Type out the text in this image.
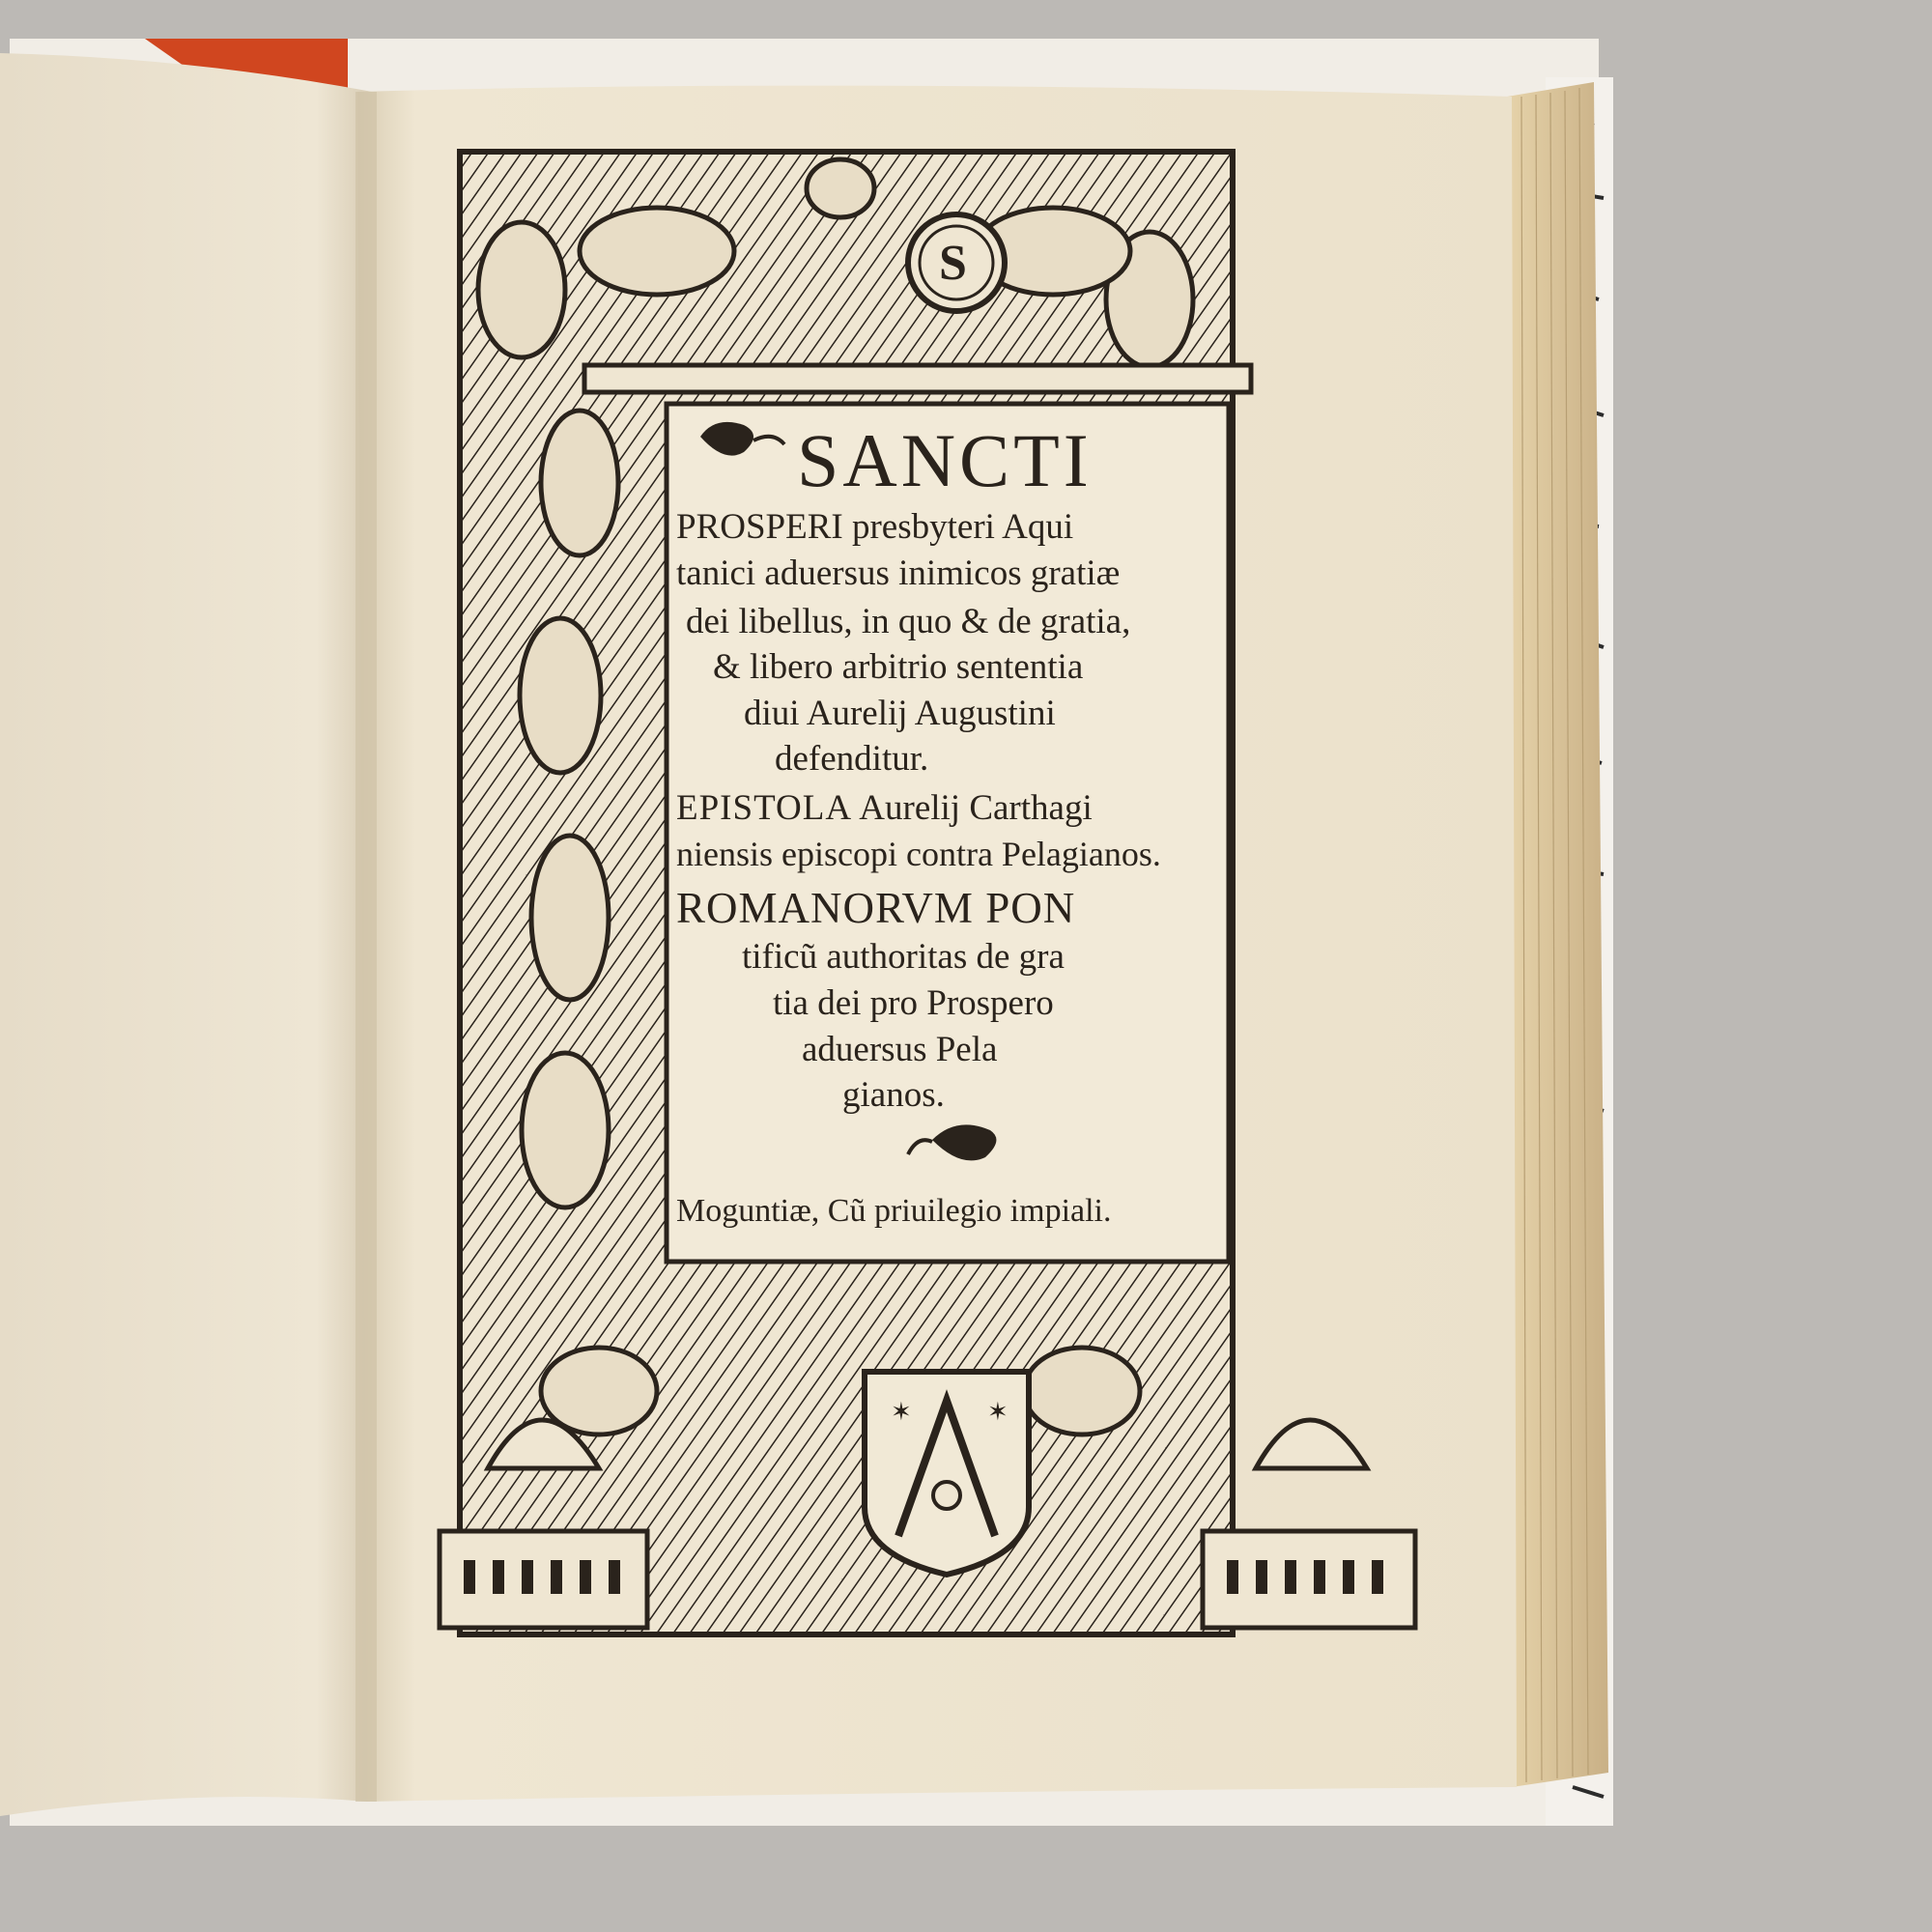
✶	✶
S
SANCTI
PROSPERI presbyteri Aqui
tanici aduersus inimicos gratiæ
dei libellus, in quo & de gratia,
& libero arbitrio sententia
diui Aurelij Augustini
defenditur.
EPISTOLA Aurelij Carthagi
niensis episcopi contra Pelagianos.
ROMANORVM PON
tificũ authoritas de gra
tia dei pro Prospero
aduersus Pela
gianos.
Moguntiæ, Cũ priuilegio impiali.
